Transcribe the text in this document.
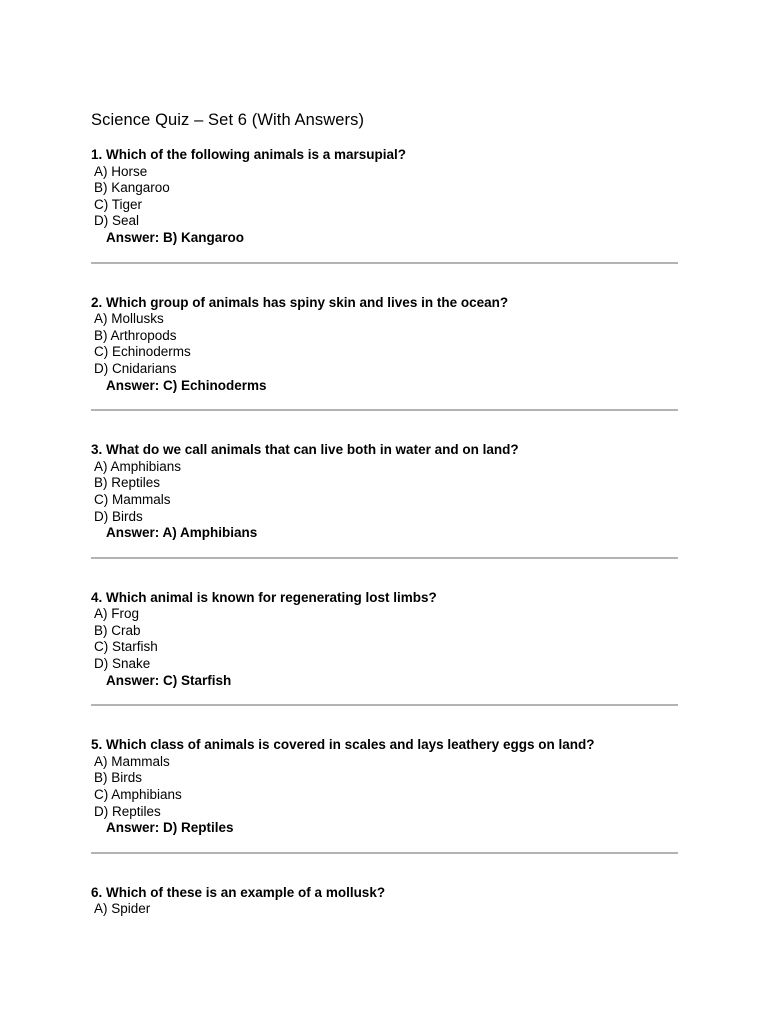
Science Quiz – Set 6 (With Answers)
1. Which of the following animals is a marsupial?
A) Horse
B) Kangaroo
C) Tiger
D) Seal
Answer: B) Kangaroo
2. Which group of animals has spiny skin and lives in the ocean?
A) Mollusks
B) Arthropods
C) Echinoderms
D) Cnidarians
Answer: C) Echinoderms
3. What do we call animals that can live both in water and on land?
A) Amphibians
B) Reptiles
C) Mammals
D) Birds
Answer: A) Amphibians
4. Which animal is known for regenerating lost limbs?
A) Frog
B) Crab
C) Starfish
D) Snake
Answer: C) Starfish
5. Which class of animals is covered in scales and lays leathery eggs on land?
A) Mammals
B) Birds
C) Amphibians
D) Reptiles
Answer: D) Reptiles
6. Which of these is an example of a mollusk?
A) Spider
